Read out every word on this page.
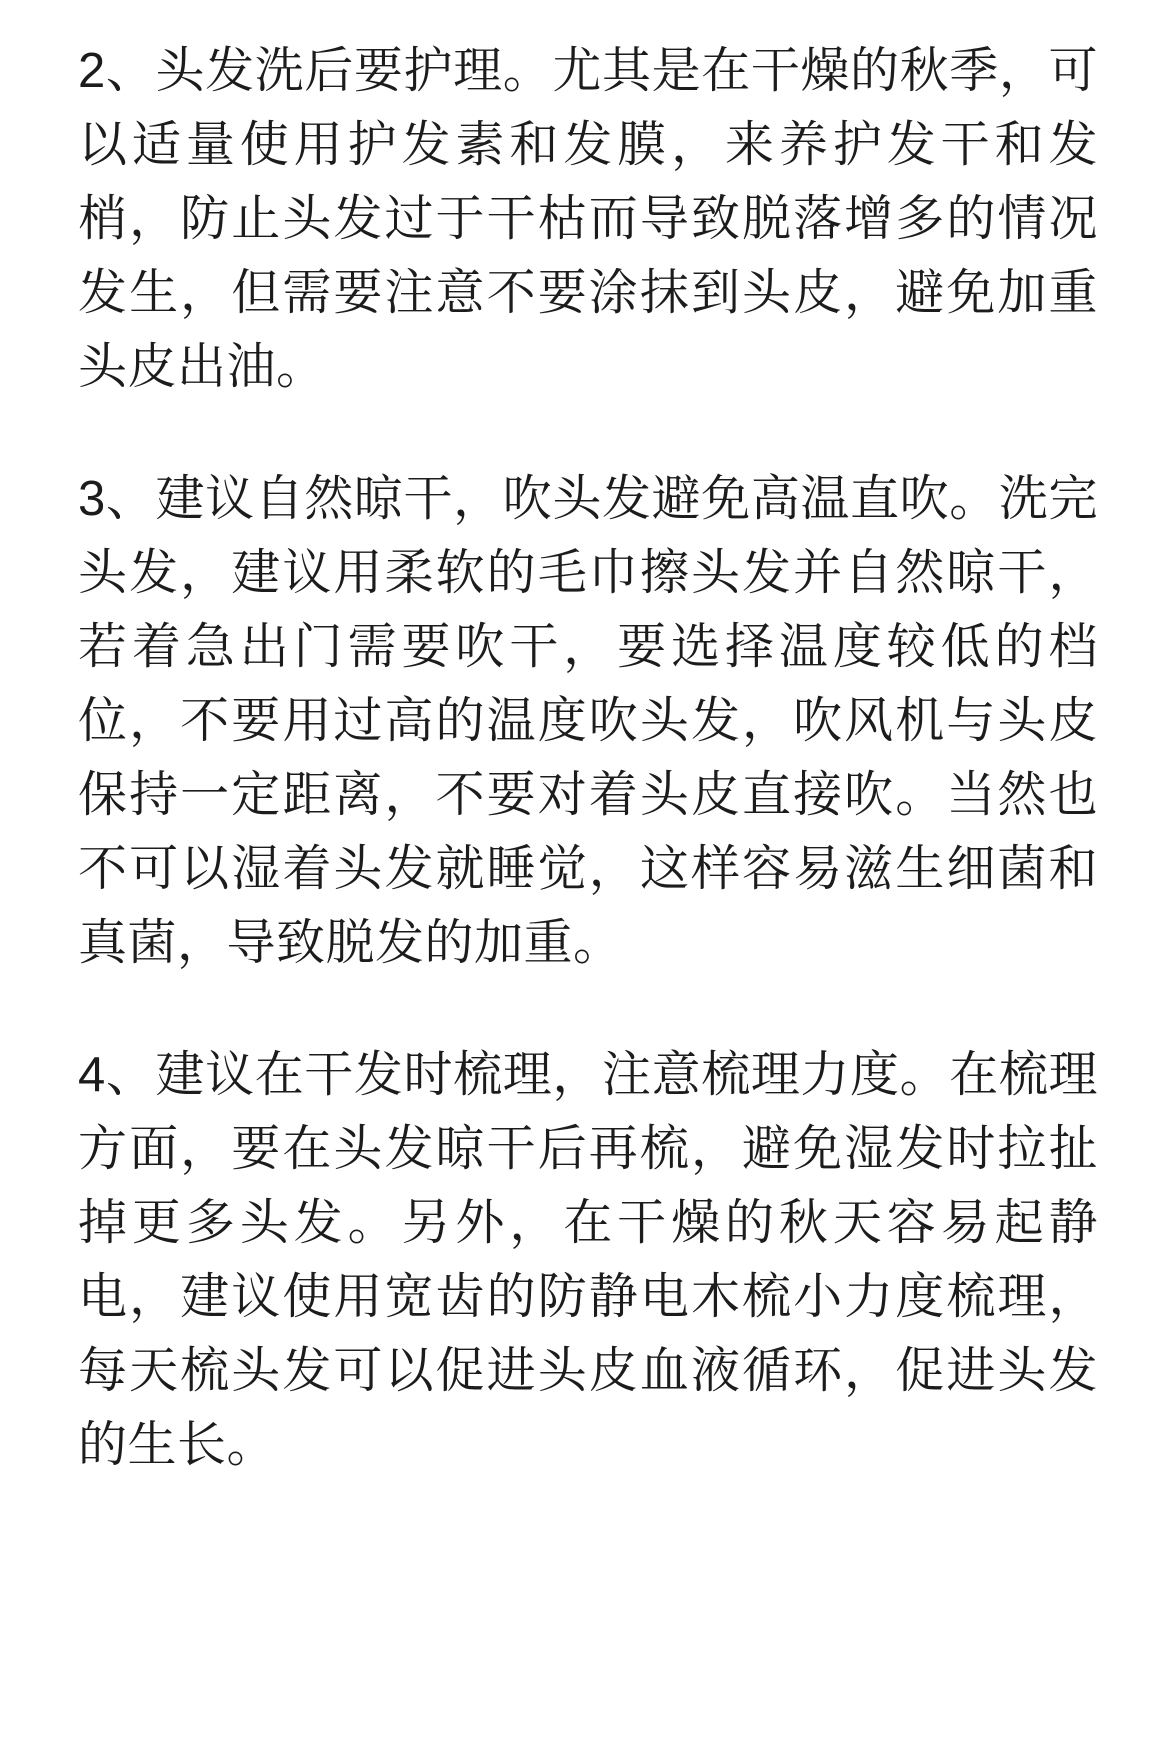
2、头发洗后要护理。尤其是在干燥的秋季，可以适量使用护发素和发膜，来养护发干和发梢，防止头发过于干枯而导致脱落增多的情况发生，但需要注意不要涂抹到头皮，避免加重头皮出油。

3、建议自然晾干，吹头发避免高温直吹。洗完头发，建议用柔软的毛巾擦头发并自然晾干，若着急出门需要吹干，要选择温度较低的档位，不要用过高的温度吹头发，吹风机与头皮保持一定距离，不要对着头皮直接吹。当然也不可以湿着头发就睡觉，这样容易滋生细菌和真菌，导致脱发的加重。

4、建议在干发时梳理，注意梳理力度。在梳理方面，要在头发晾干后再梳，避免湿发时拉扯掉更多头发。另外，在干燥的秋天容易起静电，建议使用宽齿的防静电木梳小力度梳理，每天梳头发可以促进头皮血液循环，促进头发的生长。
